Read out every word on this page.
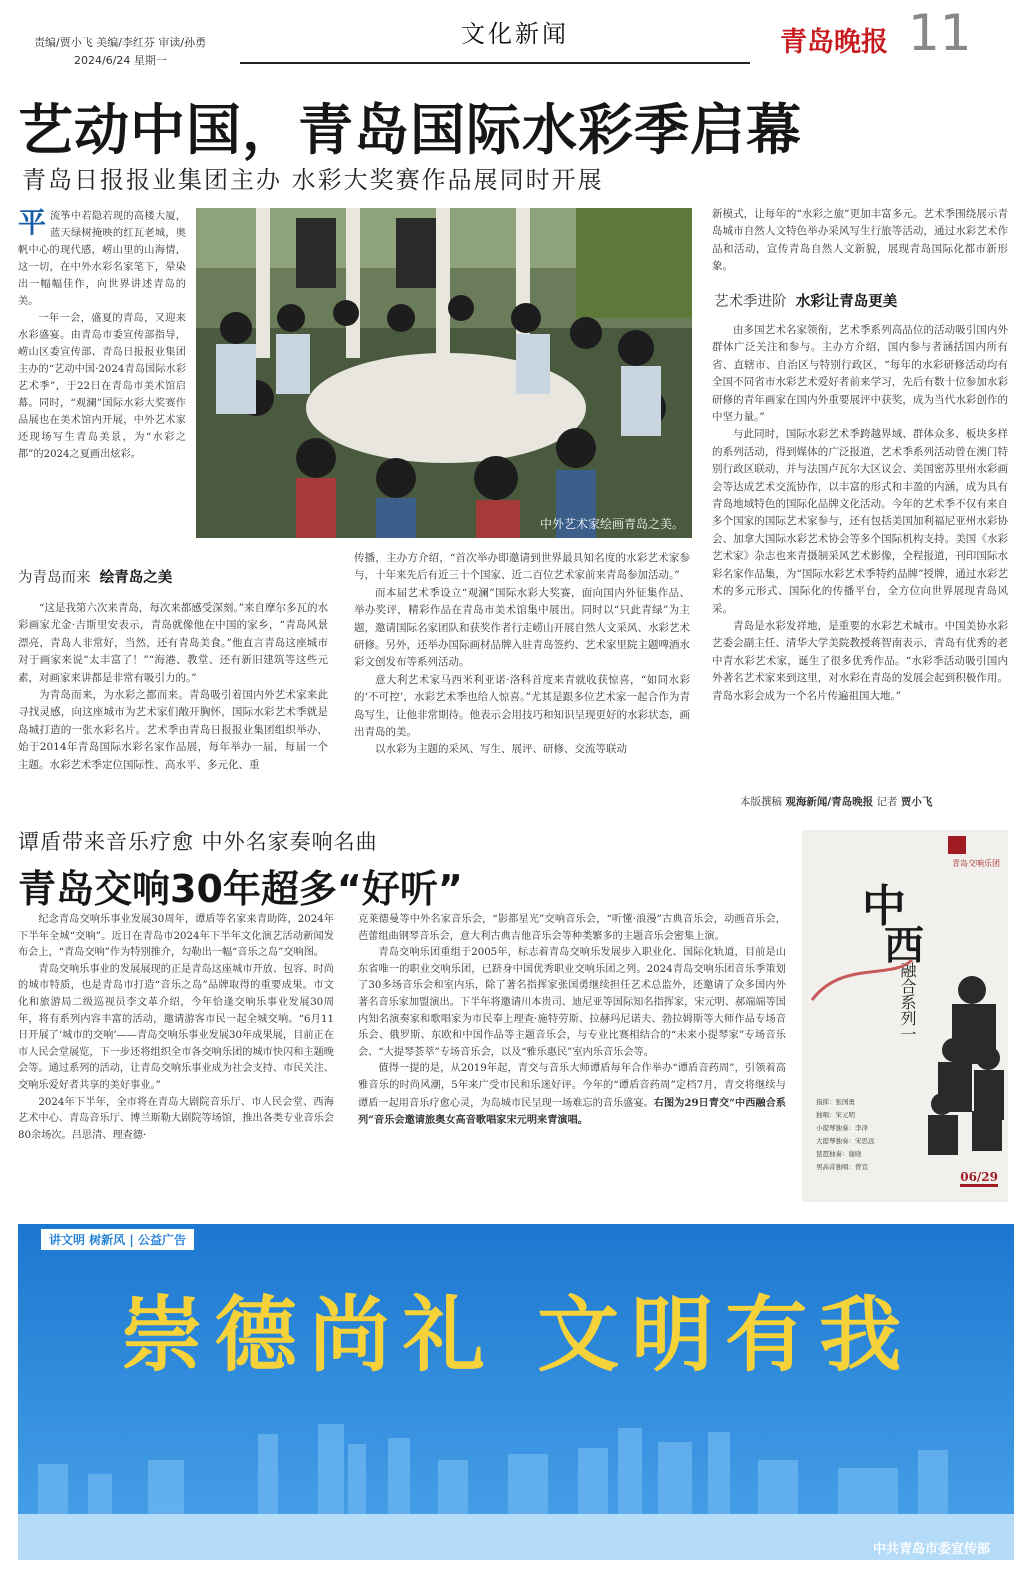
责编/贾小飞 美编/李红芬 审读/孙勇
2024/6/24 星期一
文化新闻	青岛晚报 11
艺动中国，青岛国际水彩季启幕
青岛日报报业集团主办 水彩大奖赛作品展同时开展
平流筝中若隐若现的高楼大厦，蓝天绿树掩映的红瓦老城，奥帆中心的现代感，崂山里的山海情，这一切，在中外水彩名家笔下，晕染出一幅幅佳作，向世界讲述青岛的美。

一年一会，盛夏的青岛，又迎来水彩盛宴。由青岛市委宣传部指导，崂山区委宣传部、青岛日报报业集团主办的“艺动中国·2024青岛国际水彩艺术季”，于22日在青岛市美术馆启幕。同时，“观澜”国际水彩大奖赛作品展也在美术馆内开展，中外艺术家还现场写生青岛美景，为“水彩之都”的2024之夏画出炫彩。

中外艺术家绘画青岛之美。
为青岛而来 绘青岛之美

“这是我第六次来青岛，每次来都感受深刻。”来自摩尔多瓦的水彩画家尤金·吉斯里安表示，青岛就像他在中国的家乡，“青岛风景漂亮，青岛人非常好，当然，还有青岛美食。”他直言青岛这座城市对于画家来说“太丰富了！”“海港、教堂、还有新旧建筑等这些元素，对画家来讲都是非常有吸引力的。”

为青岛而来，为水彩之都而来。青岛吸引着国内外艺术家来此寻找灵感，向这座城市为艺术家们敞开胸怀，国际水彩艺术季就是岛城打造的一张水彩名片。艺术季由青岛日报报业集团组织举办，始于2014年青岛国际水彩名家作品展，每年举办一届，每届一个主题。水彩艺术季定位国际性、高水平、多元化、重

传播，主办方介绍，“首次举办即邀请到世界最具知名度的水彩艺术家参与，十年来先后有近三十个国家、近二百位艺术家前来青岛参加活动。”

而本届艺术季设立“观澜”国际水彩大奖赛，面向国内外征集作品、举办奖评，精彩作品在青岛市美术馆集中展出。同时以“只此青绿”为主题，邀请国际名家团队和获奖作者行走崂山开展自然人文采风、水彩艺术研修。另外，还举办国际画材品牌入驻青岛签约、艺术家里院主题啤酒水彩文创发布等系列活动。

意大利艺术家马西米利亚诺·洛科首度来青就收获惊喜，“如同水彩的‘不可控’，水彩艺术季也给人惊喜。”尤其是跟多位艺术家一起合作为青岛写生，让他非常期待。他表示会用技巧和知识呈现更好的水彩状态，画出青岛的美。

以水彩为主题的采风、写生、展评、研修、交流等联动

新模式，让每年的“水彩之旅”更加丰富多元。艺术季围绕展示青岛城市自然人文特色举办采风写生行旅等活动，通过水彩艺术作品和活动，宣传青岛自然人文新貌，展现青岛国际化都市新形象。

艺术季进阶 水彩让青岛更美

由多国艺术名家领衔，艺术季系列高品位的活动吸引国内外群体广泛关注和参与。主办方介绍，国内参与者涵括国内所有省、直辖市、自治区与特别行政区，“每年的水彩研修活动均有全国不同省市水彩艺术爱好者前来学习，先后有数十位参加水彩研修的青年画家在国内外重要展评中获奖，成为当代水彩创作的中坚力量。”

与此同时，国际水彩艺术季跨越界域、群体众多、板块多样的系列活动，得到媒体的广泛报道，艺术季系列活动曾在澳门特别行政区联动，并与法国卢瓦尔大区议会、美国密苏里州水彩画会等达成艺术交流协作，以丰富的形式和丰盈的内涵，成为具有青岛地域特色的国际化品牌文化活动。今年的艺术季不仅有来自多个国家的国际艺术家参与，还有包括美国加利福尼亚州水彩协会、加拿大国际水彩艺术协会等多个国际机构支持。美国《水彩艺术家》杂志也来青摄制采风艺术影像，全程报道，刊印国际水彩名家作品集，为“国际水彩艺术季特约品牌”授牌，通过水彩艺术的多元形式、国际化的传播平台，全方位向世界展现青岛风采。

青岛是水彩发祥地，是重要的水彩艺术城市。中国美协水彩艺委会副主任、清华大学美院教授蒋智南表示，青岛有优秀的老中青水彩艺术家，诞生了很多优秀作品。“水彩季活动吸引国内外著名艺术家来到这里，对水彩在青岛的发展会起到积极作用。青岛水彩会成为一个名片传遍祖国大地。”

本版撰稿 观海新闻/青岛晚报 记者 贾小飞
谭盾带来音乐疗愈 中外名家奏响名曲
青岛交响30年超多“好听”

纪念青岛交响乐事业发展30周年，谭盾等名家来青助阵，2024年下半年全城“交响”。近日在青岛市2024年下半年文化演艺活动新闻发布会上，“青岛交响”作为特别推介，勾勒出一幅“音乐之岛”交响图。

青岛交响乐事业的发展展现的正是青岛这座城市开放、包容、时尚的城市特质，也是青岛市打造“音乐之岛”品牌取得的重要成果。市文化和旅游局二级巡视员李文革介绍，今年恰逢交响乐事业发展30周年，将有系列内容丰富的活动，邀请游客市民一起全城交响。“6月11日开展了‘城市的交响’——青岛交响乐事业发展30年成果展，目前正在市人民会堂展览，下一步还将组织全市各交响乐团的城市快闪和主题晚会等。通过系列的活动，让青岛交响乐事业成为社会支持、市民关注、交响乐爱好者共享的美好事业。”

2024年下半年，全市将在青岛大剧院音乐厅、市人民会堂、西海艺术中心、青岛音乐厅、博兰斯勒大剧院等场馆，推出各类专业音乐会80余场次。吕思清、理查德·

克莱德曼等中外名家音乐会，“影都星光”交响音乐会，“听懂·浪漫”古典音乐会，动画音乐会，芭蕾组曲钢琴音乐会，意大利古典吉他音乐会等种类繁多的主题音乐会密集上演。

青岛交响乐团重组于2005年，标志着青岛交响乐发展步入职业化、国际化轨道，目前是山东省唯一的职业交响乐团，已跻身中国优秀职业交响乐团之列。2024青岛交响乐团音乐季策划了30多场音乐会和室内乐，除了著名指挥家张国勇继续担任艺术总监外，还邀请了众多国内外著名音乐家加盟演出。下半年将邀请川本贵司、迪尼亚等国际知名指挥家，宋元明、郝端端等国内知名演奏家和歌唱家为市民奉上理查·施特劳斯、拉赫玛尼诺夫、勃拉姆斯等大师作品专场音乐会、俄罗斯、东欧和中国作品等主题音乐会，与专业比赛相结合的“未来小提琴家”专场音乐会、“大提琴荟萃”专场音乐会，以及“雅乐惠民”室内乐音乐会等。

值得一提的是，从2019年起，青交与音乐大师谭盾每年合作举办“谭盾音药周”，引领着高雅音乐的时尚风潮，5年来广受市民和乐迷好评。今年的“谭盾音药周”定档7月，青交将继续与谭盾一起用音乐疗愈心灵，为岛城市民呈现一场难忘的音乐盛宴。右图为29日青交“中西融合系列”音乐会邀请旅奥女高音歌唱家宋元明来青演唱。

青岛交响乐团
中
西
融合系列一
指挥：张国勇
独唱：宋元明
小提琴独奏：李泽
大提琴独奏：宋思远
琵琶独奏：谢晓
男高音独唱：曾宣
06/29
讲文明 树新风 | 公益广告
崇德尚礼 文明有我
中共青岛市委宣传部
